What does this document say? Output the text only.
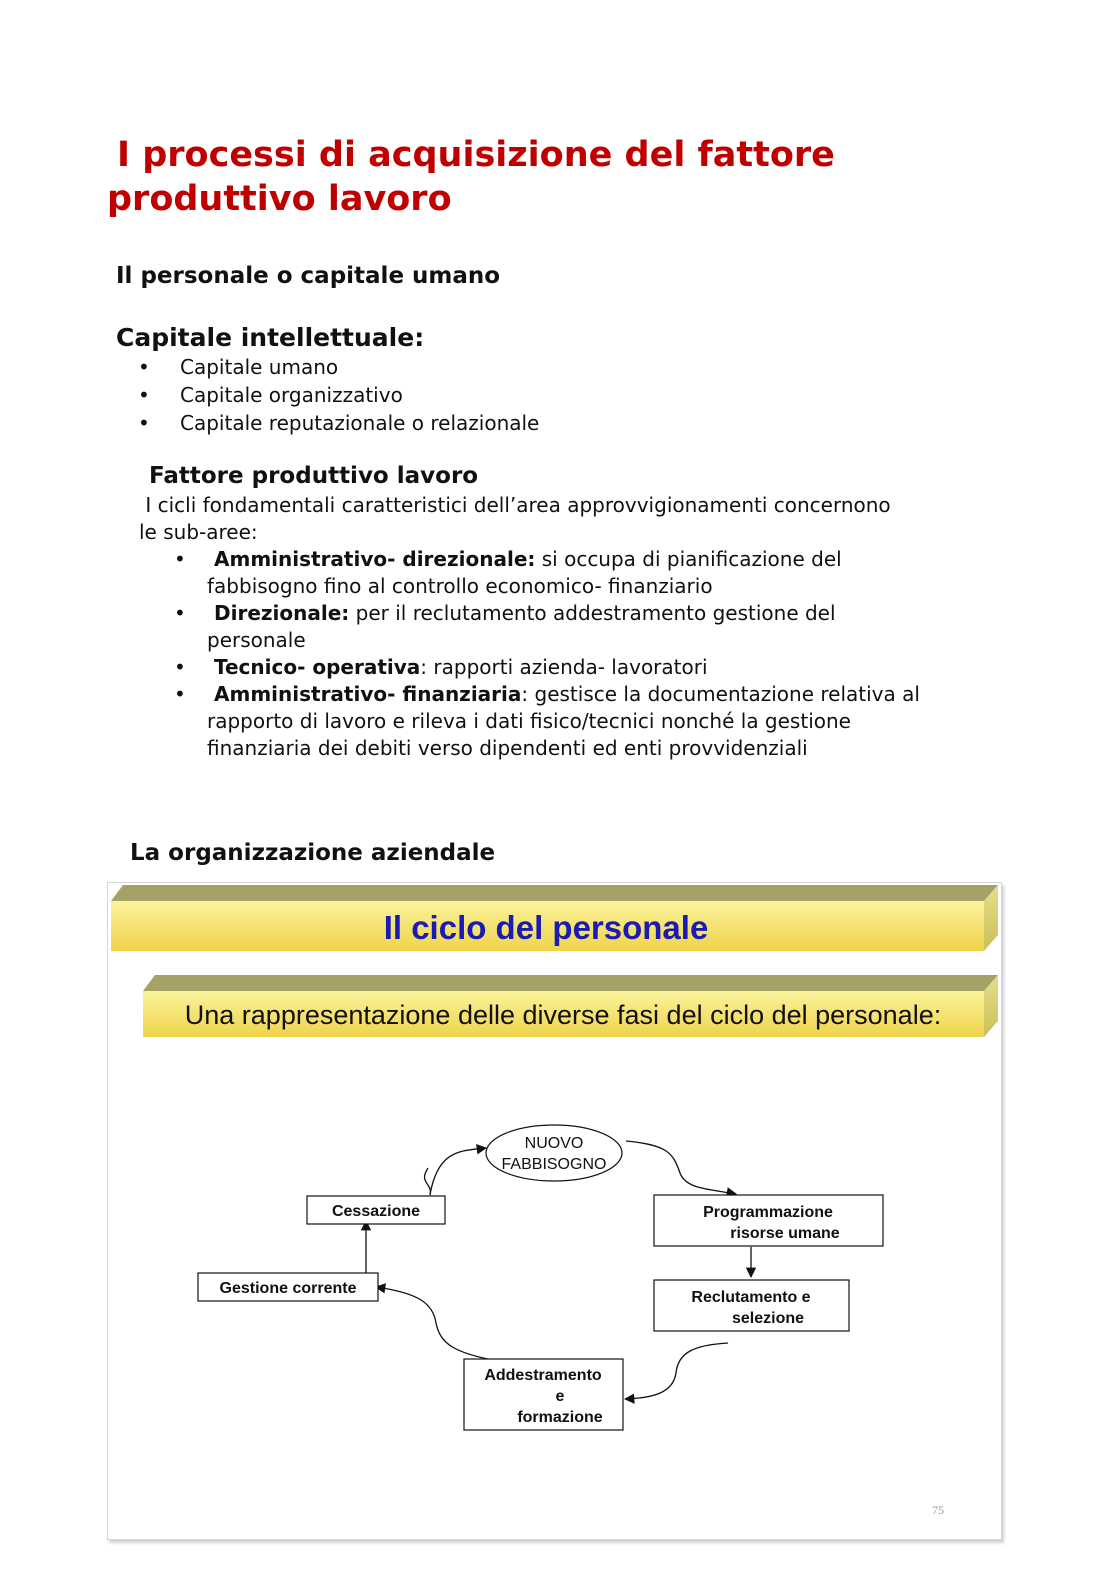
I processi di acquisizione del fattore
produttivo lavoro
Il personale o capitale umano
Capitale intellettuale:
• Capitale umano
• Capitale organizzativo
• Capitale reputazionale o relazionale
Fattore produttivo lavoro
I cicli fondamentali caratteristici dell’area approvvigionamenti concernono
le sub-aree:
•	Amministrativo- direzionale: si occupa di pianificazione del
fabbisogno fino al controllo economico- finanziario
•	Direzionale: per il reclutamento addestramento gestione del
personale
•	Tecnico- operativa: rapporti azienda- lavoratori
•	Amministrativo- finanziaria: gestisce la documentazione relativa al
rapporto di lavoro e rileva i dati fisico/tecnici nonché la gestione
finanziaria dei debiti verso dipendenti ed enti provvidenziali
La organizzazione aziendale
Il ciclo del personale
Una rappresentazione delle diverse fasi del ciclo del personale:
NUOVO
FABBISOGNO
Programmazione
risorse umane
Reclutamento e
selezione
Addestramento
e
formazione
Gestione corrente
Cessazione
75
